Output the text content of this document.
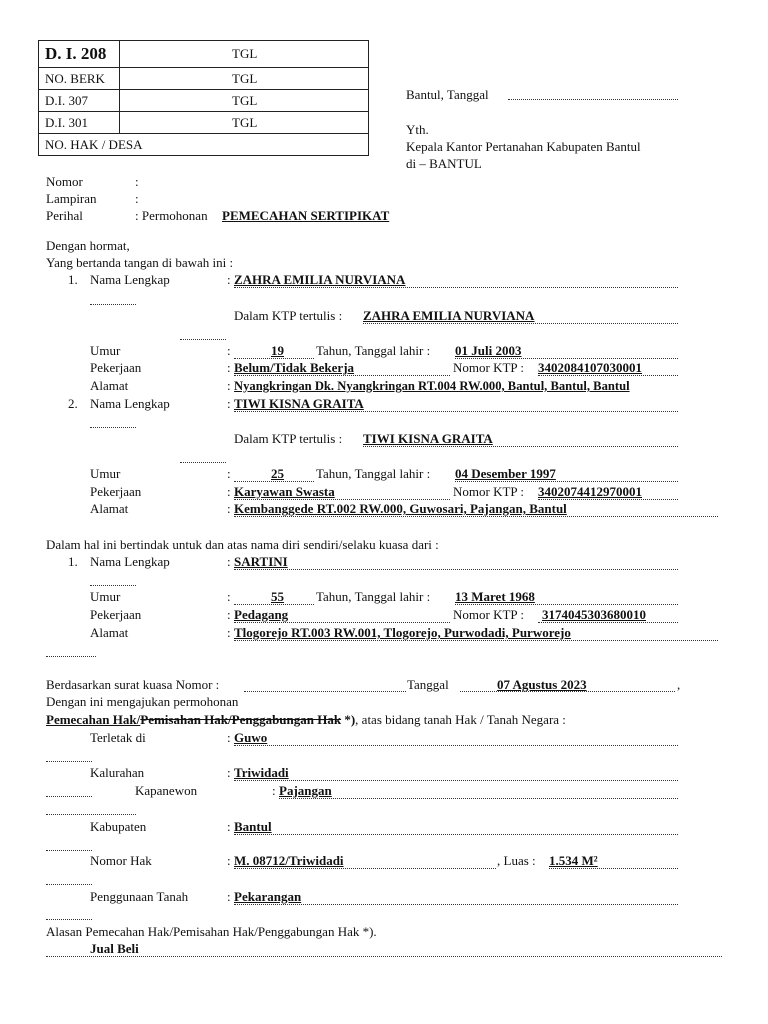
D. I. 208	TGL
NO. BERK	TGL
D.I. 307	TGL
D.I. 301	TGL
NO. HAK / DESA	
Bantul, Tanggal
Yth.
Kepala Kantor Pertanahan Kabupaten Bantul
di – BANTUL
Nomor	:
Lampiran	:
Perihal	: Permohonan PEMECAHAN SERTIPIKAT
Dengan hormat,
Yang bertanda tangan di bawah ini :
1. Nama Lengkap	: ZAHRA EMILIA NURVIANA
Dalam KTP tertulis : ZAHRA EMILIA NURVIANA
Umur	:	19 Tahun, Tanggal lahir : 01 Juli 2003
Pekerjaan	: Belum/Tidak Bekerja	Nomor KTP : 3402084107030001
Alamat	: Nyangkringan Dk. Nyangkringan RT.004 RW.000, Bantul, Bantul, Bantul
2. Nama Lengkap	: TIWI KISNA GRAITA
Dalam KTP tertulis : TIWI KISNA GRAITA
Umur	:	25 Tahun, Tanggal lahir : 04 Desember 1997
Pekerjaan	: Karyawan Swasta	Nomor KTP : 3402074412970001
Alamat	: Kembanggede RT.002 RW.000, Guwosari, Pajangan, Bantul
Dalam hal ini bertindak untuk dan atas nama diri sendiri/selaku kuasa dari :
1. Nama Lengkap	: SARTINI
Umur	:	55 Tahun, Tanggal lahir : 13 Maret 1968
Pekerjaan	: Pedagang	Nomor KTP : 3174045303680010
Alamat	: Tlogorejo RT.003 RW.001, Tlogorejo, Purwodadi, Purworejo
Berdasarkan surat kuasa Nomor :	Tanggal	07 Agustus 2023	,
Dengan ini mengajukan permohonan
Pemecahan Hak/Pemisahan Hak/Penggabungan Hak *), atas bidang tanah Hak / Tanah Negara :
Terletak di	: Guwo
Kalurahan	: Triwidadi
Kapanewon	: Pajangan
Kabupaten	: Bantul
Nomor Hak	: M. 08712/Triwidadi	, Luas : 1.534 M²
Penggunaan Tanah	: Pekarangan
Alasan Pemecahan Hak/Pemisahan Hak/Penggabungan Hak *).
Jual Beli
